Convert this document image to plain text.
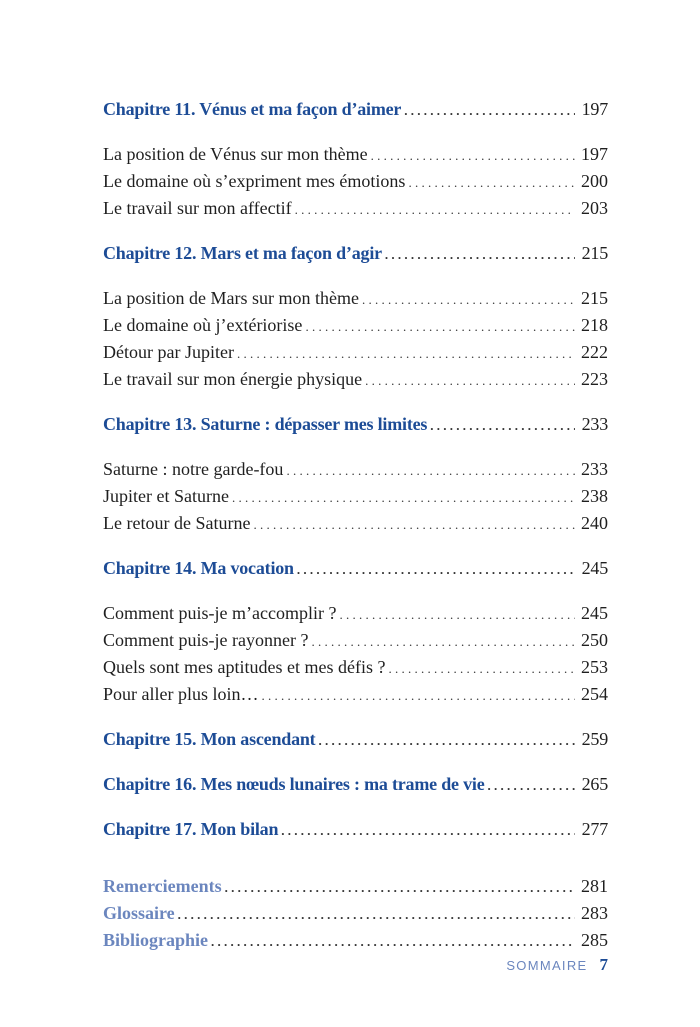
Chapitre 11. Vénus et ma façon d’aimer . . .	197
La position de Vénus sur mon thème . . .	197
Le domaine où s’expriment mes émotions . . .	200
Le travail sur mon affectif . . .	203
Chapitre 12. Mars et ma façon d’agir . . .	215
La position de Mars sur mon thème . . .	215
Le domaine où j’extériorise . . .	218
Détour par Jupiter . . .	222
Le travail sur mon énergie physique . . .	223
Chapitre 13. Saturne : dépasser mes limites . . .	233
Saturne : notre garde-fou . . .	233
Jupiter et Saturne . . .	238
Le retour de Saturne . . .	240
Chapitre 14. Ma vocation . . .	245
Comment puis-je m’accomplir ? . . .	245
Comment puis-je rayonner ? . . .	250
Quels sont mes aptitudes et mes défis ? . . .	253
Pour aller plus loin… . . .	254
Chapitre 15. Mon ascendant . . .	259
Chapitre 16. Mes nœuds lunaires : ma trame de vie . . .	265
Chapitre 17. Mon bilan . . .	277
Remerciements . . .	281
Glossaire . . .	283
Bibliographie . . .	285
SOMMAIRE 7
